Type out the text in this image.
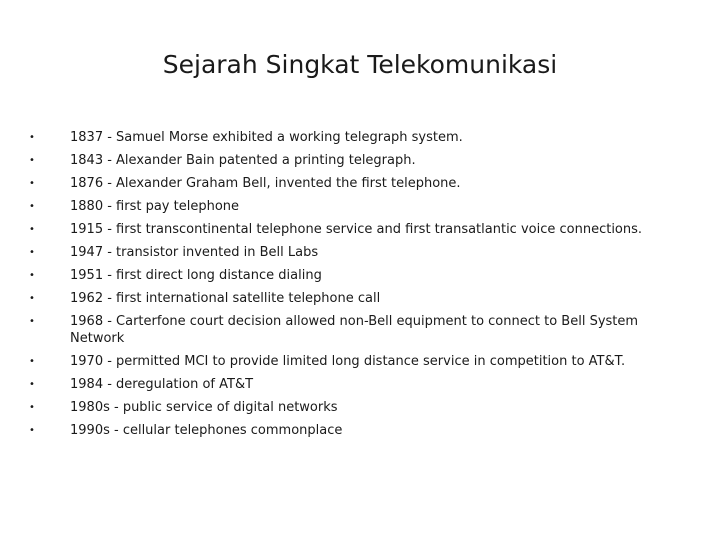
Sejarah Singkat Telekomunikasi
•	1837 - Samuel Morse exhibited a working telegraph system.
•	1843 - Alexander Bain patented a printing telegraph.
•	1876 - Alexander Graham Bell, invented the first telephone.
•	1880 - first pay telephone
•	1915 - first transcontinental telephone service and first transatlantic voice connections.
•	1947 - transistor invented in Bell Labs
•	1951 - first direct long distance dialing
•	1962 - first international satellite telephone call
•	1968 - Carterfone court decision allowed non-Bell equipment to connect to Bell System Network
•	1970 - permitted MCI to provide limited long distance service in competition to AT&T.
•	1984 - deregulation of AT&T
•	1980s - public service of digital networks
•	1990s - cellular telephones commonplace
